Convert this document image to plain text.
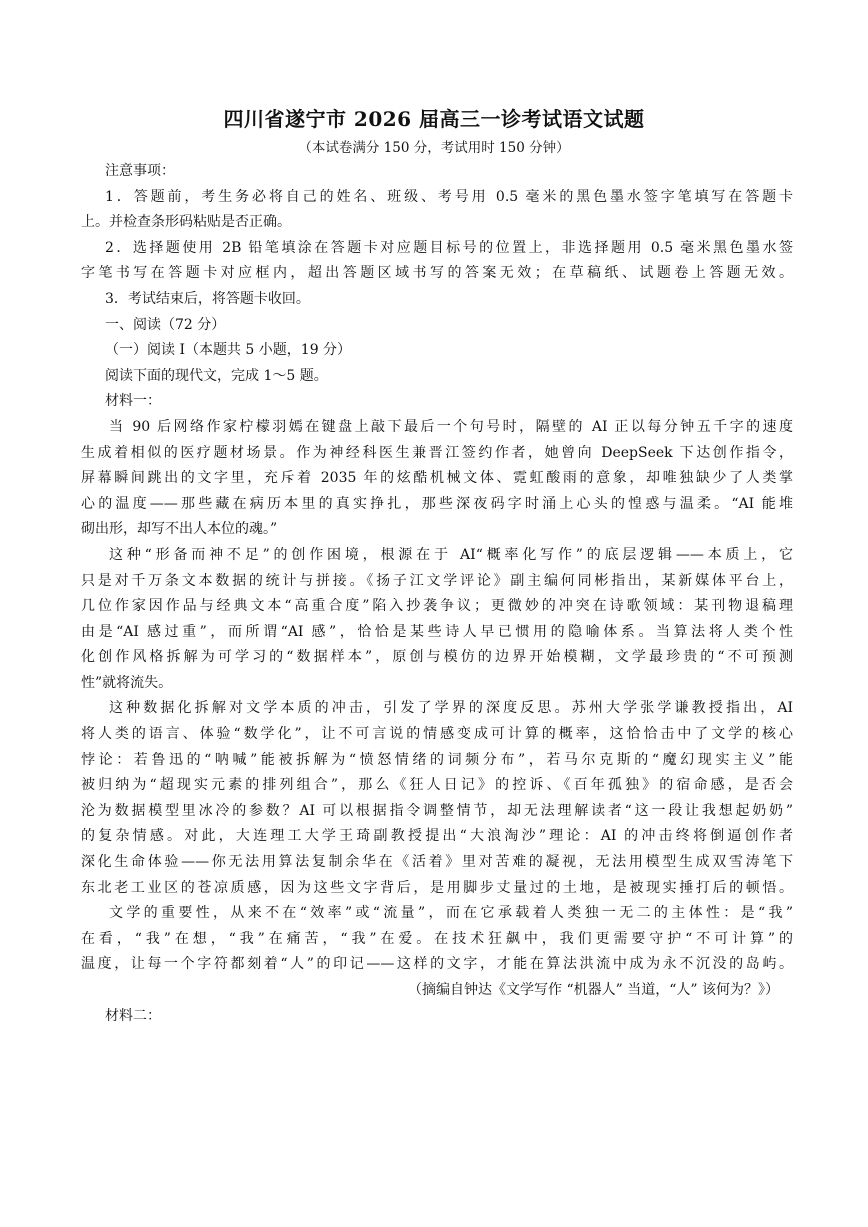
四川省遂宁市 2026 届高三一诊考试语文试题

（本试卷满分 150 分，考试用时 150 分钟）

注意事项：
1．答题前，考生务必将自己的姓名、班级、考号用 0.5 毫米的黑色墨水签字笔填写在答题卡
上。并检查条形码粘贴是否正确。
2．选择题使用 2B 铅笔填涂在答题卡对应题目标号的位置上，非选择题用 0.5 毫米黑色墨水签
字笔书写在答题卡对应框内，超出答题区域书写的答案无效；在草稿纸、试题卷上答题无效。
3．考试结束后，将答题卡收回。
一、阅读（72 分）
（一）阅读 I（本题共 5 小题，19 分）
阅读下面的现代文，完成 1～5 题。
材料一：
当 90 后网络作家柠檬羽嫣在键盘上敲下最后一个句号时，隔壁的 AI 正以每分钟五千字的速度
生成着相似的医疗题材场景。作为神经科医生兼晋江签约作者，她曾向 DeepSeek 下达创作指令，
屏幕瞬间跳出的文字里，充斥着 2035 年的炫酷机械文体、霓虹酸雨的意象，却唯独缺少了人类掌
心的温度——那些藏在病历本里的真实挣扎，那些深夜码字时涌上心头的惶惑与温柔。“AI 能堆
砌出形，却写不出人本位的魂。”
这种“形备而神不足”的创作困境，根源在于 AI“概率化写作”的底层逻辑——本质上，它
只是对千万条文本数据的统计与拼接。《扬子江文学评论》副主编何同彬指出，某新媒体平台上，
几位作家因作品与经典文本“高重合度”陷入抄袭争议；更微妙的冲突在诗歌领域：某刊物退稿理
由是“AI 感过重”，而所谓“AI 感”，恰恰是某些诗人早已惯用的隐喻体系。当算法将人类个性
化创作风格拆解为可学习的“数据样本”，原创与模仿的边界开始模糊，文学最珍贵的“不可预测
性”就将流失。
这种数据化拆解对文学本质的冲击，引发了学界的深度反思。苏州大学张学谦教授指出，AI
将人类的语言、体验“数学化”，让不可言说的情感变成可计算的概率，这恰恰击中了文学的核心
悖论：若鲁迅的“呐喊”能被拆解为“愤怒情绪的词频分布”，若马尔克斯的“魔幻现实主义”能
被归纳为“超现实元素的排列组合”，那么《狂人日记》的控诉、《百年孤独》的宿命感，是否会
沦为数据模型里冰冷的参数？AI 可以根据指令调整情节，却无法理解读者“这一段让我想起奶奶”
的复杂情感。对此，大连理工大学王琦副教授提出“大浪淘沙”理论：AI 的冲击终将倒逼创作者
深化生命体验——你无法用算法复制余华在《活着》里对苦难的凝视，无法用模型生成双雪涛笔下
东北老工业区的苍凉质感，因为这些文字背后，是用脚步丈量过的土地，是被现实捶打后的顿悟。
文学的重要性，从来不在“效率”或“流量”，而在它承载着人类独一无二的主体性：是“我”
在看，“我”在想，“我”在痛苦，“我”在爱。在技术狂飙中，我们更需要守护“不可计算”的
温度，让每一个字符都刻着“人”的印记——这样的文字，才能在算法洪流中成为永不沉没的岛屿。
（摘编自钟达《文学写作 “机器人” 当道，“人” 该何为？》）
材料二：
